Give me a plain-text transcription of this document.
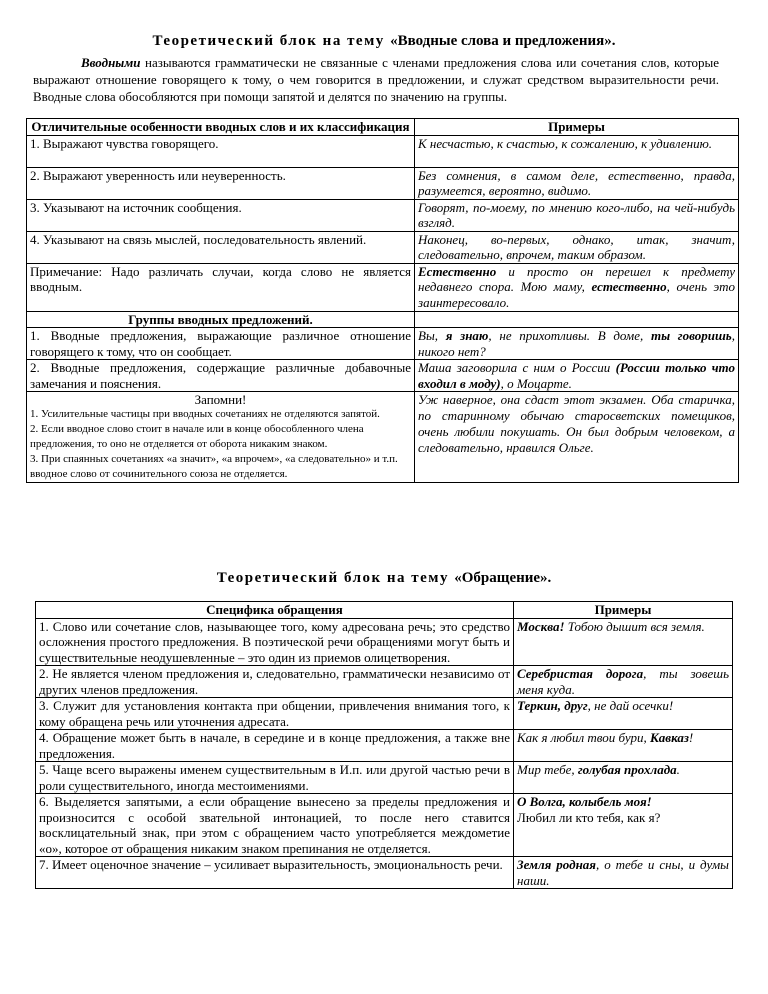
Теоретический блок на тему «Вводные слова и предложения».
Вводными называются грамматически не связанные с членами предложения слова или сочетания слов, которые выражают отношение говорящего к тому, о чем говорится в предложении, и служат средством выразительности речи. Вводные слова обособляются при помощи запятой и делятся по значению на группы.
Отличительные особенности вводных слов и их классификация	Примеры
1. Выражают чувства говорящего.	К несчастью, к счастью, к сожалению, к удивлению.
2. Выражают уверенность или неуверенность.	Без сомнения, в самом деле, естественно, правда, разумеется, вероятно, видимо.
3. Указывают на источник сообщения.	Говорят, по-моему, по мнению кого-либо, на чей-нибудь взгляд.
4. Указывают на связь мыслей, последовательность явлений.	Наконец, во-первых, однако, итак, значит, следовательно, впрочем, таким образом.
Примечание: Надо различать случаи, когда слово не является вводным.	Естественно и просто он перешел к предмету недавнего спора. Мою маму, естественно, очень это заинтересовало.
Группы вводных предложений.	
1. Вводные предложения, выражающие различное отношение говорящего к тому, что он сообщает.	Вы, я знаю, не прихотливы. В доме, ты говоришь, никого нет?
2. Вводные предложения, содержащие различные добавочные замечания и пояснения.	Маша заговорила с ним о России (России только что входил в моду), о Моцарте.

Запомни!
1. Усилительные частицы при вводных сочетаниях не отделяются запятой.
2. Если вводное слово стоит в начале или в конце обособленного члена предложения, то оно не отделяется от оборота никаким знаком.
3. При спаянных сочетаниях «а значит», «а впрочем», «а следовательно» и т.п. вводное слово от сочинительного союза не отделяется.	Уж наверное, она сдаст этот экзамен. Оба старичка, по старинному обычаю старосветских помещиков, очень любили покушать. Он был добрым человеком, а следовательно, нравился Ольге.
Теоретический блок на тему «Обращение».
Специфика обращения	Примеры
1. Слово или сочетание слов, называющее того, кому адресована речь; это средство осложнения простого предложения. В поэтической речи обращениями могут быть и существительные неодушевленные – это один из приемов олицетворения.	Москва! Тобою дышит вся земля.
2. Не является членом предложения и, следовательно, грамматически независимо от других членов предложения.	Серебристая дорога, ты зовешь меня куда.
3. Служит для установления контакта при общении, привлечения внимания того, к кому обращена речь или уточнения адресата.	Теркин, друг, не дай осечки!
4. Обращение может быть в начале, в середине и в конце предложения, а также вне предложения.	Как я любил твои бури, Кавказ!
5. Чаще всего выражены именем существительным в И.п. или другой частью речи в роли существительного, иногда местоимениями.	Мир тебе, голубая прохлада.
6. Выделяется запятыми, а если обращение вынесено за пределы предложения и произносится с особой звательной интонацией, то после него ставится восклицательный знак, при этом с обращением часто употребляется междометие «о», которое от обращения никаким знаком препинания не отделяется.	О Волга, колыбель моя!
Любил ли кто тебя, как я?
7. Имеет оценочное значение – усиливает выразительность, эмоциональность речи.	Земля родная, о тебе и сны, и думы наши.
